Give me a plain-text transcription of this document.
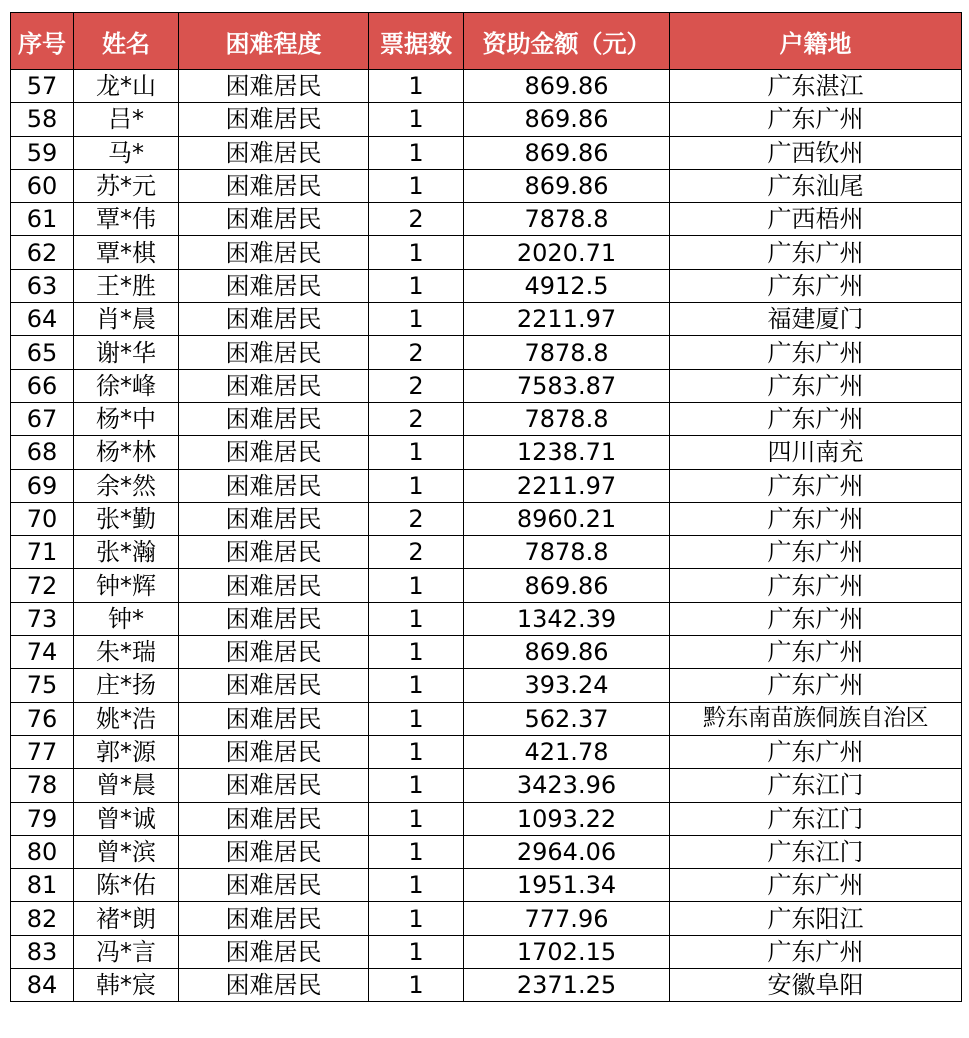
序号	姓名	困难程度	票据数	资助金额（元）	户籍地
57	龙*山	困难居民	1	869.86	广东湛江
58	吕*	困难居民	1	869.86	广东广州
59	马*	困难居民	1	869.86	广西钦州
60	苏*元	困难居民	1	869.86	广东汕尾
61	覃*伟	困难居民	2	7878.8	广西梧州
62	覃*棋	困难居民	1	2020.71	广东广州
63	王*胜	困难居民	1	4912.5	广东广州
64	肖*晨	困难居民	1	2211.97	福建厦门
65	谢*华	困难居民	2	7878.8	广东广州
66	徐*峰	困难居民	2	7583.87	广东广州
67	杨*中	困难居民	2	7878.8	广东广州
68	杨*林	困难居民	1	1238.71	四川南充
69	余*然	困难居民	1	2211.97	广东广州
70	张*勤	困难居民	2	8960.21	广东广州
71	张*瀚	困难居民	2	7878.8	广东广州
72	钟*辉	困难居民	1	869.86	广东广州
73	钟*	困难居民	1	1342.39	广东广州
74	朱*瑞	困难居民	1	869.86	广东广州
75	庄*扬	困难居民	1	393.24	广东广州
76	姚*浩	困难居民	1	562.37	黔东南苗族侗族自治区
77	郭*源	困难居民	1	421.78	广东广州
78	曾*晨	困难居民	1	3423.96	广东江门
79	曾*诚	困难居民	1	1093.22	广东江门
80	曾*滨	困难居民	1	2964.06	广东江门
81	陈*佑	困难居民	1	1951.34	广东广州
82	褚*朗	困难居民	1	777.96	广东阳江
83	冯*言	困难居民	1	1702.15	广东广州
84	韩*宸	困难居民	1	2371.25	安徽阜阳
